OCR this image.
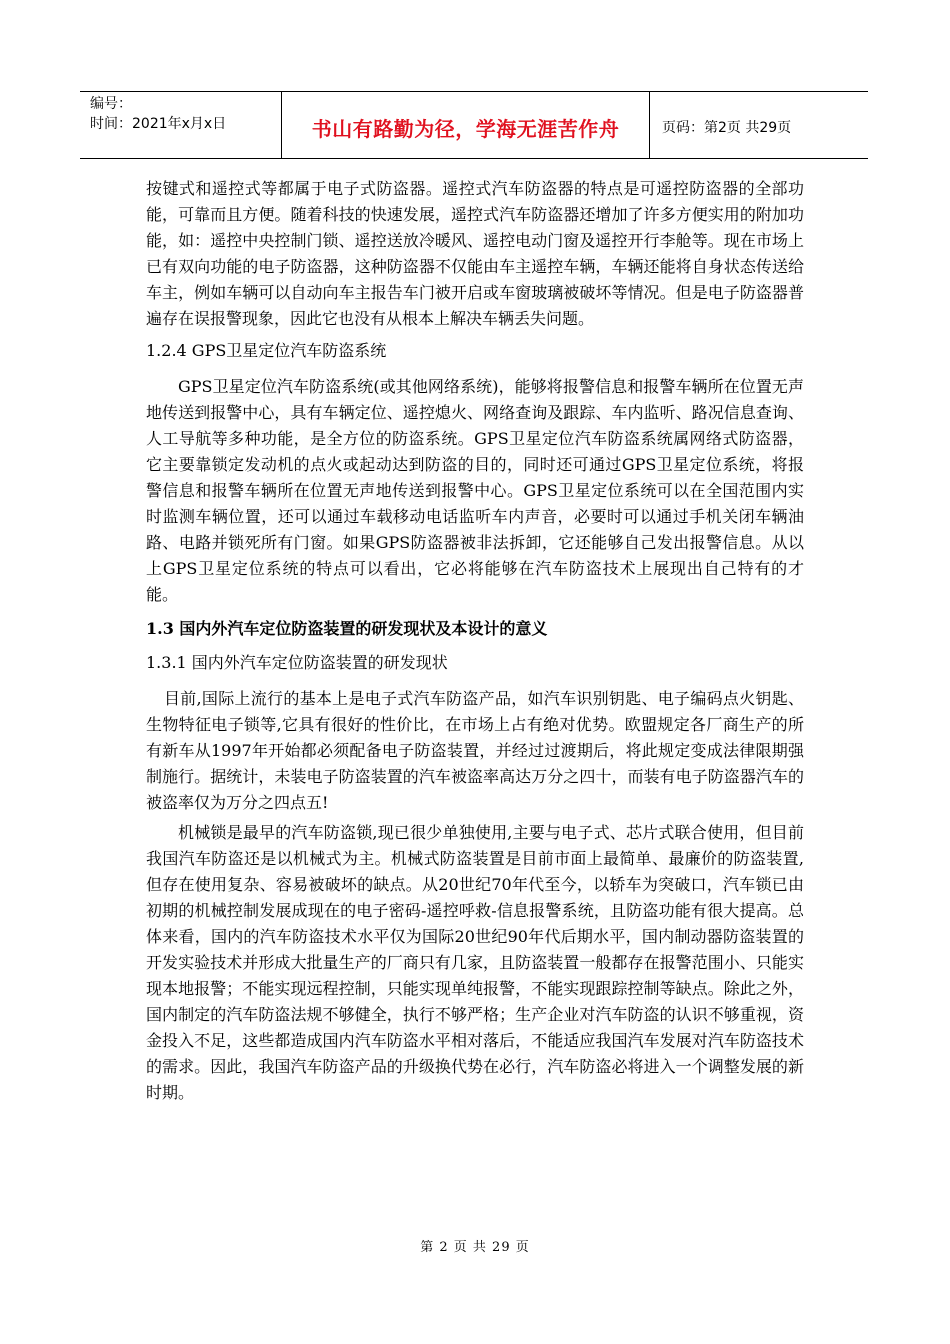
编号：
时间：2021年x月x日	书山有路勤为径，学海无涯苦作舟	页码：第2页 共29页

按键式和遥控式等都属于电子式防盗器。遥控式汽车防盗器的特点是可遥控防盗器的全部功能，可靠而且方便。随着科技的快速发展，遥控式汽车防盗器还增加了许多方便实用的附加功能，如：遥控中央控制门锁、遥控送放冷暖风、遥控电动门窗及遥控开行李舱等。现在市场上已有双向功能的电子防盗器，这种防盗器不仅能由车主遥控车辆，车辆还能将自身状态传送给车主，例如车辆可以自动向车主报告车门被开启或车窗玻璃被破坏等情况。但是电子防盗器普遍存在误报警现象，因此它也没有从根本上解决车辆丢失问题。

1.2.4 GPS卫星定位汽车防盗系统

GPS卫星定位汽车防盗系统(或其他网络系统)，能够将报警信息和报警车辆所在位置无声地传送到报警中心，具有车辆定位、遥控熄火、网络查询及跟踪、车内监听、路况信息查询、人工导航等多种功能，是全方位的防盗系统。GPS卫星定位汽车防盗系统属网络式防盗器，它主要靠锁定发动机的点火或起动达到防盗的目的，同时还可通过GPS卫星定位系统，将报警信息和报警车辆所在位置无声地传送到报警中心。GPS卫星定位系统可以在全国范围内实时监测车辆位置，还可以通过车载移动电话监听车内声音，必要时可以通过手机关闭车辆油路、电路并锁死所有门窗。如果GPS防盗器被非法拆卸，它还能够自己发出报警信息。从以上GPS卫星定位系统的特点可以看出，它必将能够在汽车防盗技术上展现出自己特有的才能。

1.3 国内外汽车定位防盗装置的研发现状及本设计的意义
1.3.1 国内外汽车定位防盗装置的研发现状

目前,国际上流行的基本上是电子式汽车防盗产品，如汽车识别钥匙、电子编码点火钥匙、生物特征电子锁等,它具有很好的性价比，在市场上占有绝对优势。欧盟规定各厂商生产的所有新车从1997年开始都必须配备电子防盗装置，并经过过渡期后，将此规定变成法律限期强制施行。据统计，未装电子防盗装置的汽车被盗率高达万分之四十，而装有电子防盗器汽车的被盗率仅为万分之四点五!

机械锁是最早的汽车防盗锁,现已很少单独使用,主要与电子式、芯片式联合使用，但目前我国汽车防盗还是以机械式为主。机械式防盗装置是目前市面上最简单、最廉价的防盗装置,但存在使用复杂、容易被破坏的缺点。从20世纪70年代至今，以轿车为突破口，汽车锁已由初期的机械控制发展成现在的电子密码-遥控呼救-信息报警系统，且防盗功能有很大提高。总体来看，国内的汽车防盗技术水平仅为国际20世纪90年代后期水平，国内制动器防盗装置的开发实验技术并形成大批量生产的厂商只有几家，且防盗装置一般都存在报警范围小、只能实现本地报警；不能实现远程控制，只能实现单纯报警，不能实现跟踪控制等缺点。除此之外，国内制定的汽车防盗法规不够健全，执行不够严格；生产企业对汽车防盗的认识不够重视，资金投入不足，这些都造成国内汽车防盗水平相对落后，不能适应我国汽车发展对汽车防盗技术的需求。因此，我国汽车防盗产品的升级换代势在必行，汽车防盗必将进入一个调整发展的新时期。

第 2 页 共 29 页
